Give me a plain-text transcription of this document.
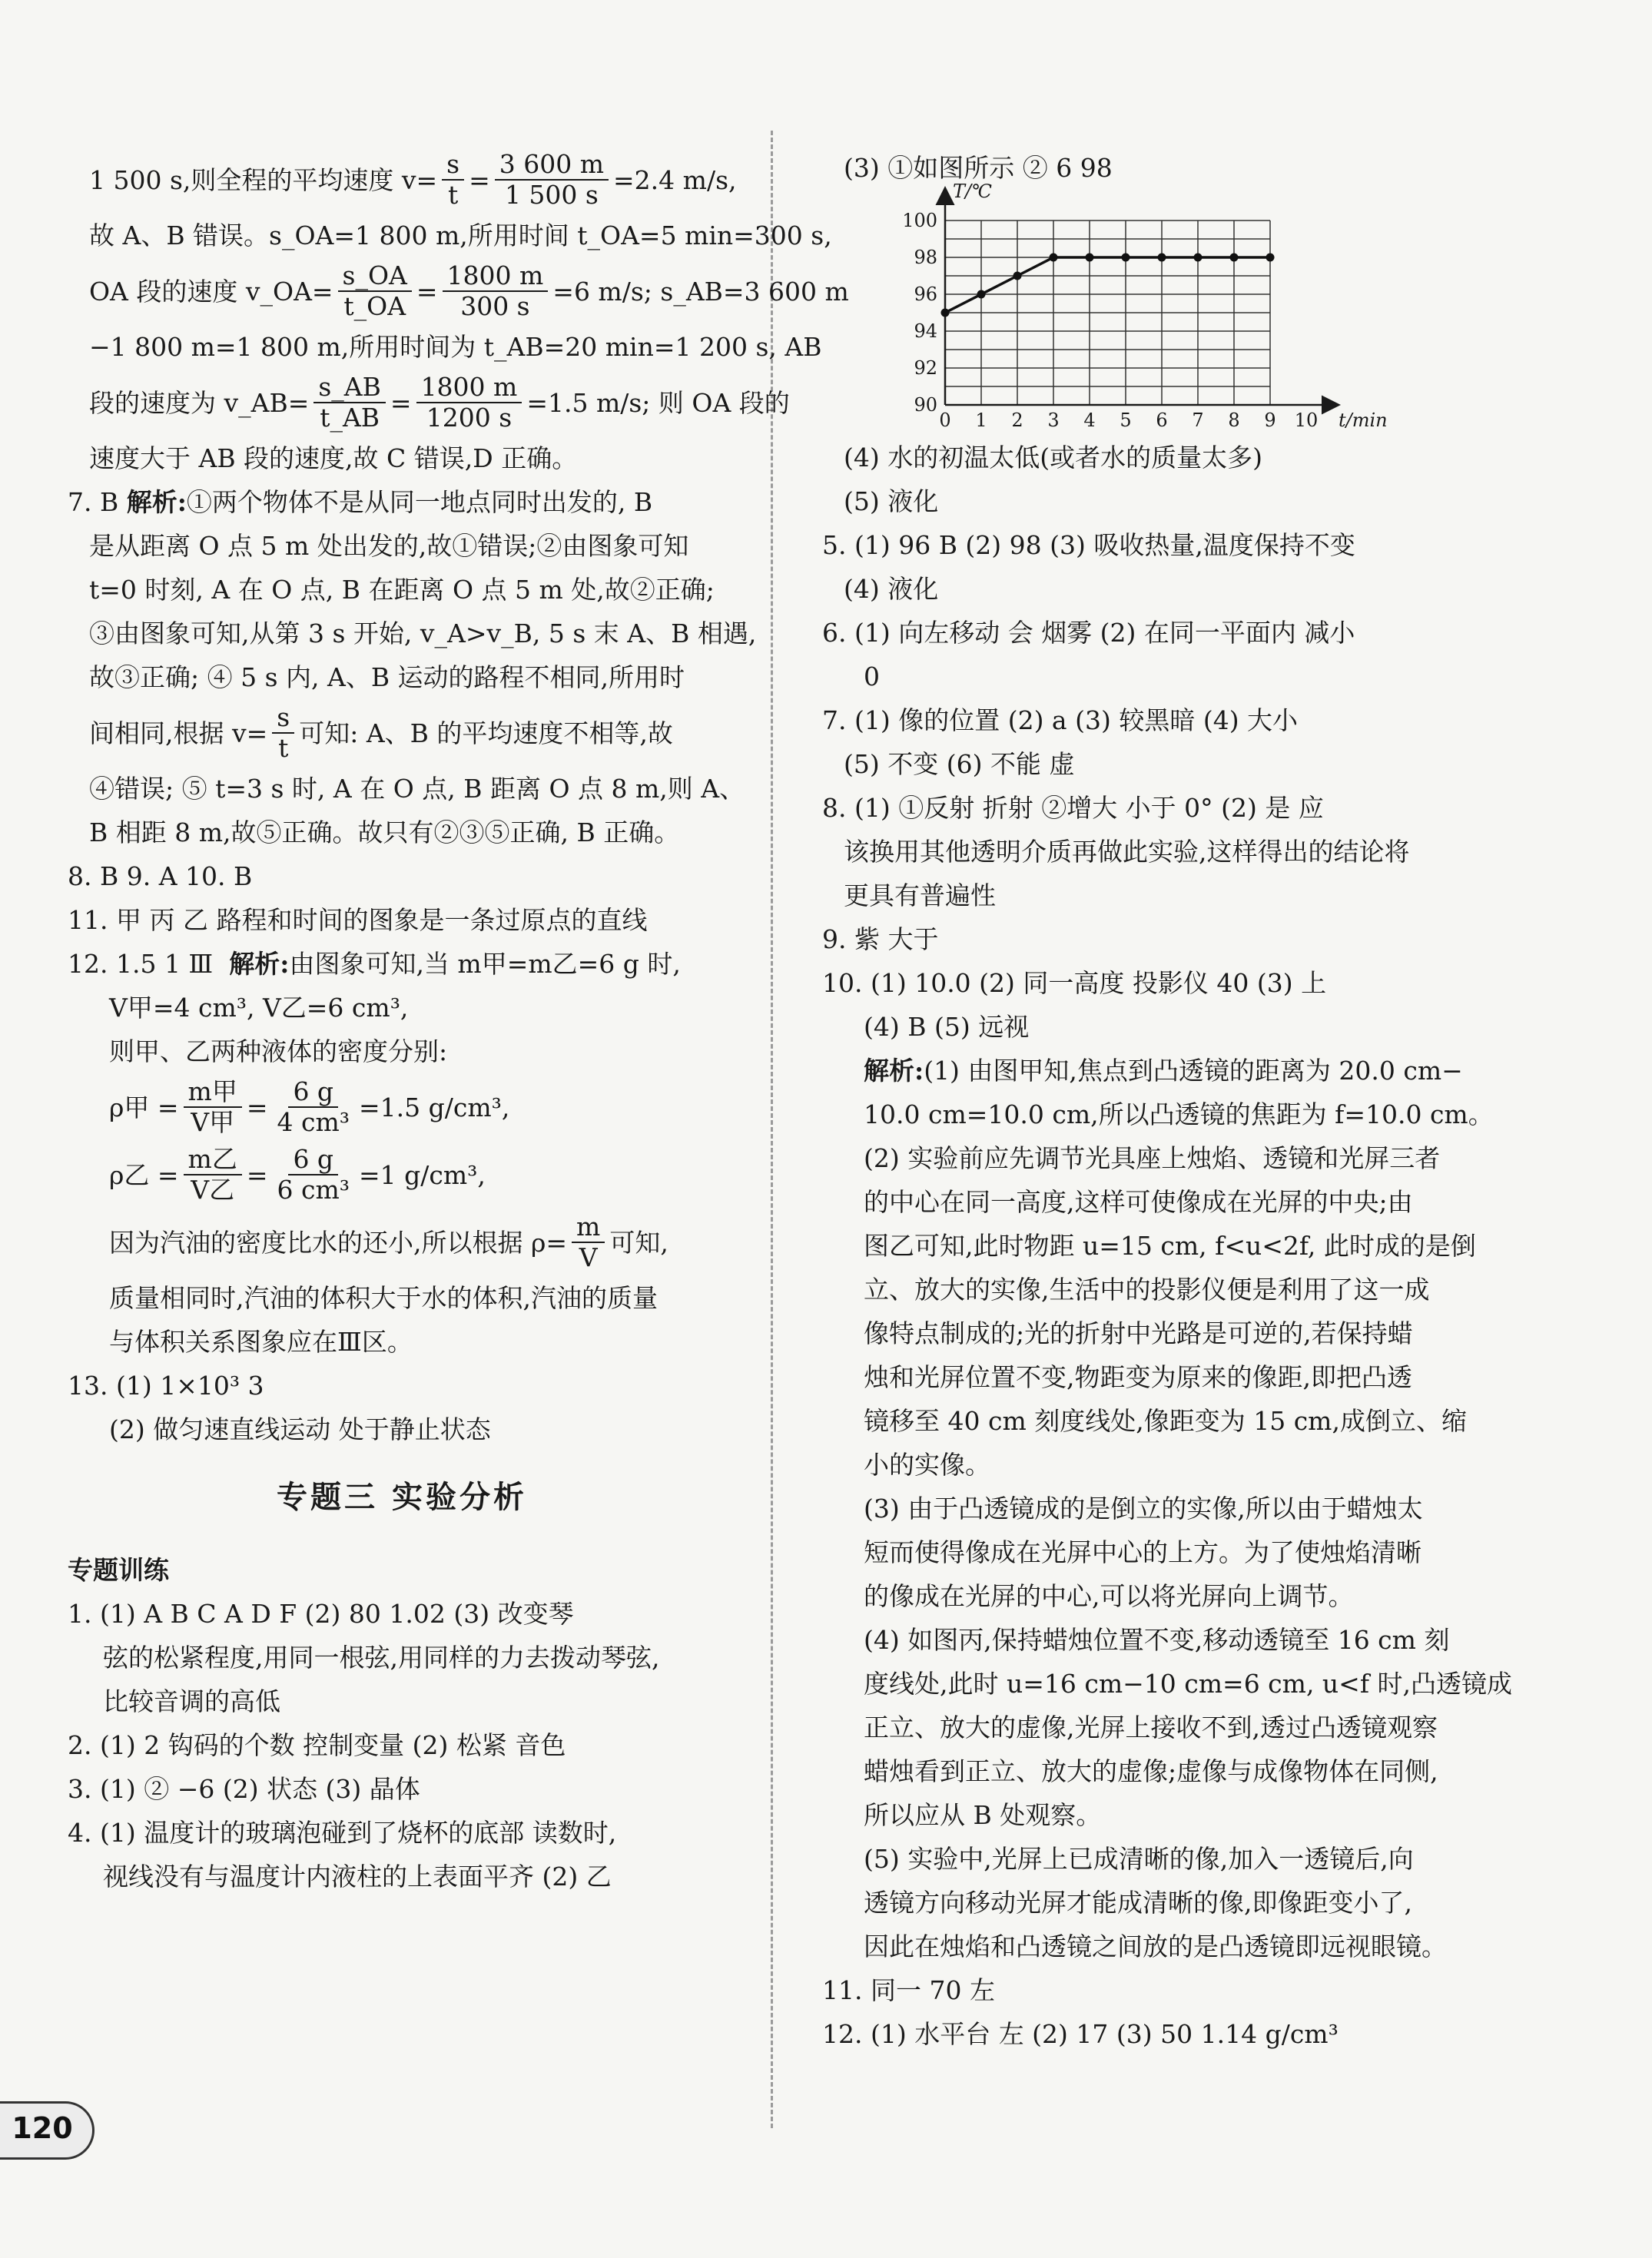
1 500 s,则全程的平均速度 $v= \frac{s}{t} = \frac{3 600 m}{1 500 s} =2.4$ m/s,
故 A、B 错误。s_OA=1 800 m,所用时间 t_OA=5 min=300 s,
OA 段的速度 v_OA= $\frac{s\_OA}{t\_OA} = \frac{1800 m}{300 s} =6$ m/s; s_AB=3 600 m
−1 800 m=1 800 m,所用时间为 t_AB=20 min=1 200 s, AB
段的速度为 v_AB= $\frac{s\_AB}{t\_AB} = \frac{1800 m}{1200 s} =1.5$ m/s; 则 OA 段的
速度大于 AB 段的速度,故 C 错误,D 正确。
7. B 解析:①两个物体不是从同一地点同时出发的, B
是从距离 O 点 5 m 处出发的,故①错误;②由图象可知
t=0 时刻, A 在 O 点, B 在距离 O 点 5 m 处,故②正确;
③由图象可知,从第 3 s 开始, v_A>v_B, 5 s 末 A、B 相遇,
故③正确; ④ 5 s 内, A、B 运动的路程不相同,所用时
间相同,根据 $v= \frac{s}{t}$ 可知: A、B 的平均速度不相等,故
④错误; ⑤ t=3 s 时, A 在 O 点, B 距离 O 点 8 m,则 A、
B 相距 8 m,故⑤正确。故只有②③⑤正确, B 正确。
8. B 9. A 10. B
11. 甲 丙 乙 路程和时间的图象是一条过原点的直线
12. 1.5 1 Ⅲ 解析:由图象可知,当 m甲=m乙=6 g 时,
V甲=4 cm³, V乙=6 cm³,
则甲、乙两种液体的密度分别:
ρ甲 = $\frac{\text{m甲}}{\text{V甲}} = \frac{6 g}{\text{4 cm³}} =1.5$ g/cm³,
ρ乙 = $\frac{\text{m乙}}{\text{V乙}} = \frac{6 g}{\text{6 cm³}} =1$ g/cm³,
因为汽油的密度比水的还小,所以根据 $\rho= \frac{m}{V}$ 可知,
质量相同时,汽油的体积大于水的体积,汽油的质量
与体积关系图象应在Ⅲ区。
13. (1) 1×10³ 3
(2) 做匀速直线运动 处于静止状态
专题三 实验分析
专题训练
1. (1) A B C A D F (2) 80 1.02 (3) 改变琴
弦的松紧程度,用同一根弦,用同样的力去拨动琴弦,
比较音调的高低
2. (1) 2 钩码的个数 控制变量 (2) 松紧 音色
3. (1) ② −6 (2) 状态 (3) 晶体
4. (1) 温度计的玻璃泡碰到了烧杯的底部 读数时,
视线没有与温度计内液柱的上表面平齐 (2) 乙
(3) ①如图所示 ② 6 98
0 1 2 3 4 5 6 7 8 9 10
90
92
94
96
98
100
T/℃
t/min
(4) 水的初温太低(或者水的质量太多)
(5) 液化
5. (1) 96 B (2) 98 (3) 吸收热量,温度保持不变
(4) 液化
6. (1) 向左移动 会 烟雾 (2) 在同一平面内 减小
0
7. (1) 像的位置 (2) a (3) 较黑暗 (4) 大小
(5) 不变 (6) 不能 虚
8. (1) ①反射 折射 ②增大 小于 0° (2) 是 应
该换用其他透明介质再做此实验,这样得出的结论将
更具有普遍性
9. 紫 大于
10. (1) 10.0 (2) 同一高度 投影仪 40 (3) 上
(4) B (5) 远视
解析:(1) 由图甲知,焦点到凸透镜的距离为 20.0 cm−
10.0 cm=10.0 cm,所以凸透镜的焦距为 f=10.0 cm。
(2) 实验前应先调节光具座上烛焰、透镜和光屏三者
的中心在同一高度,这样可使像成在光屏的中央;由
图乙可知,此时物距 u=15 cm, f<u<2f, 此时成的是倒
立、放大的实像,生活中的投影仪便是利用了这一成
像特点制成的;光的折射中光路是可逆的,若保持蜡
烛和光屏位置不变,物距变为原来的像距,即把凸透
镜移至 40 cm 刻度线处,像距变为 15 cm,成倒立、缩
小的实像。
(3) 由于凸透镜成的是倒立的实像,所以由于蜡烛太
短而使得像成在光屏中心的上方。为了使烛焰清晰
的像成在光屏的中心,可以将光屏向上调节。
(4) 如图丙,保持蜡烛位置不变,移动透镜至 16 cm 刻
度线处,此时 u=16 cm−10 cm=6 cm, u<f 时,凸透镜成
正立、放大的虚像,光屏上接收不到,透过凸透镜观察
蜡烛看到正立、放大的虚像;虚像与成像物体在同侧,
所以应从 B 处观察。
(5) 实验中,光屏上已成清晰的像,加入一透镜后,向
透镜方向移动光屏才能成清晰的像,即像距变小了,
因此在烛焰和凸透镜之间放的是凸透镜即远视眼镜。
11. 同一 70 左
12. (1) 水平台 左 (2) 17 (3) 50 1.14 g/cm³
120
